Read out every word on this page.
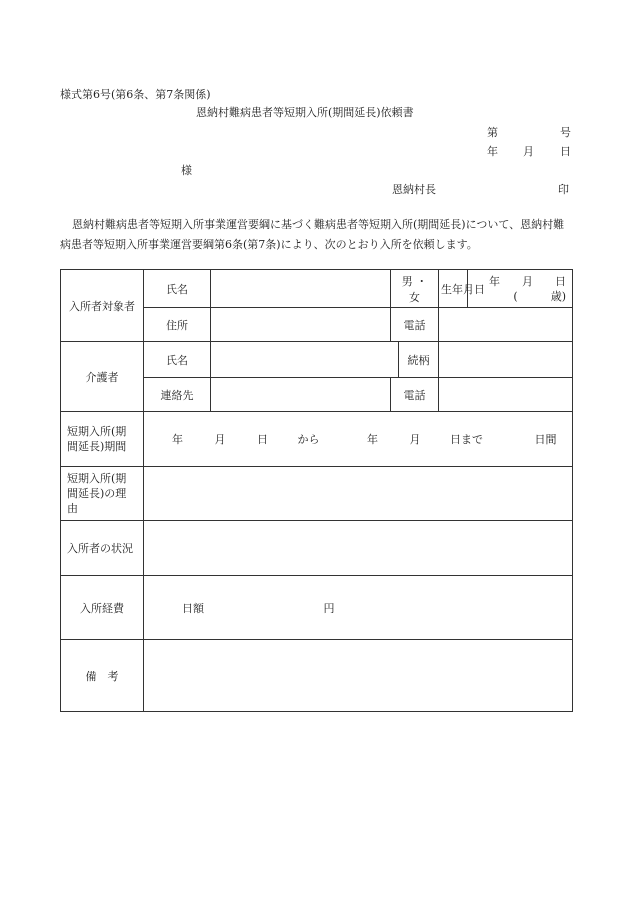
様式第6号(第6条、第7条関係)
恩納村難病患者等短期入所(期間延長)依頼書
第	号
年 月 日
様
恩納村長	印
恩納村難病患者等短期入所事業運営要綱に基づく難病患者等短期入所(期間延長)について、恩納村難病患者等短期入所事業運営要綱第6条(第7条)により、次のとおり入所を依頼します。
入所者対象者	氏名		男 ・ 女		生年月日	年　　月　　日
(　　　歳)

	住所		電話			
介護者	氏名			続柄		
	連絡先		電話			
短期入所(期間延長)期間	年 月 日 から 年 月 日まで 日間					
短期入所(期間延長)の理由						
入所者の状況						
入所経費	日額 円					
備　考						
